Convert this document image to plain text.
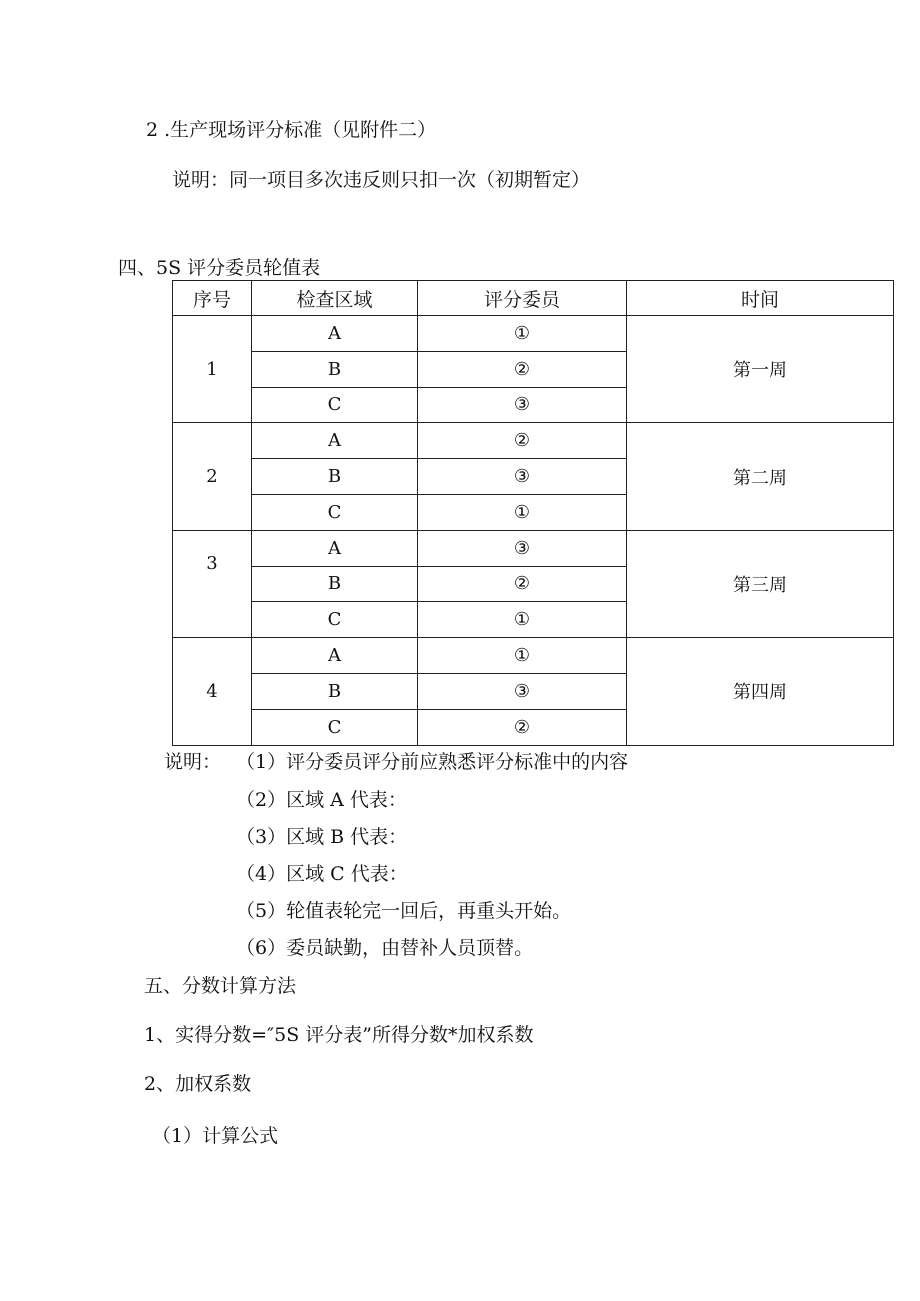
2 .生产现场评分标准（见附件二）
说明：同一项目多次违反则只扣一次（初期暂定）
四、5S 评分委员轮值表
序号	检查区域	评分委员	时间
1	A	①	第一周
	B	②	
	C	③	
2	A	②	第二周
	B	③	
	C	①	
3	A	③	第三周
	B	②	
	C	①	
4	A	①	第四周
	B	③	
	C	②	
说明： （1）评分委员评分前应熟悉评分标准中的内容
（2）区域 A 代表：
（3）区域 B 代表：
（4）区域 C 代表：
（5）轮值表轮完一回后，再重头开始。
（6）委员缺勤，由替补人员顶替。
五、分数计算方法
1、实得分数=″5S 评分表”所得分数*加权系数
2、加权系数
（1）计算公式
